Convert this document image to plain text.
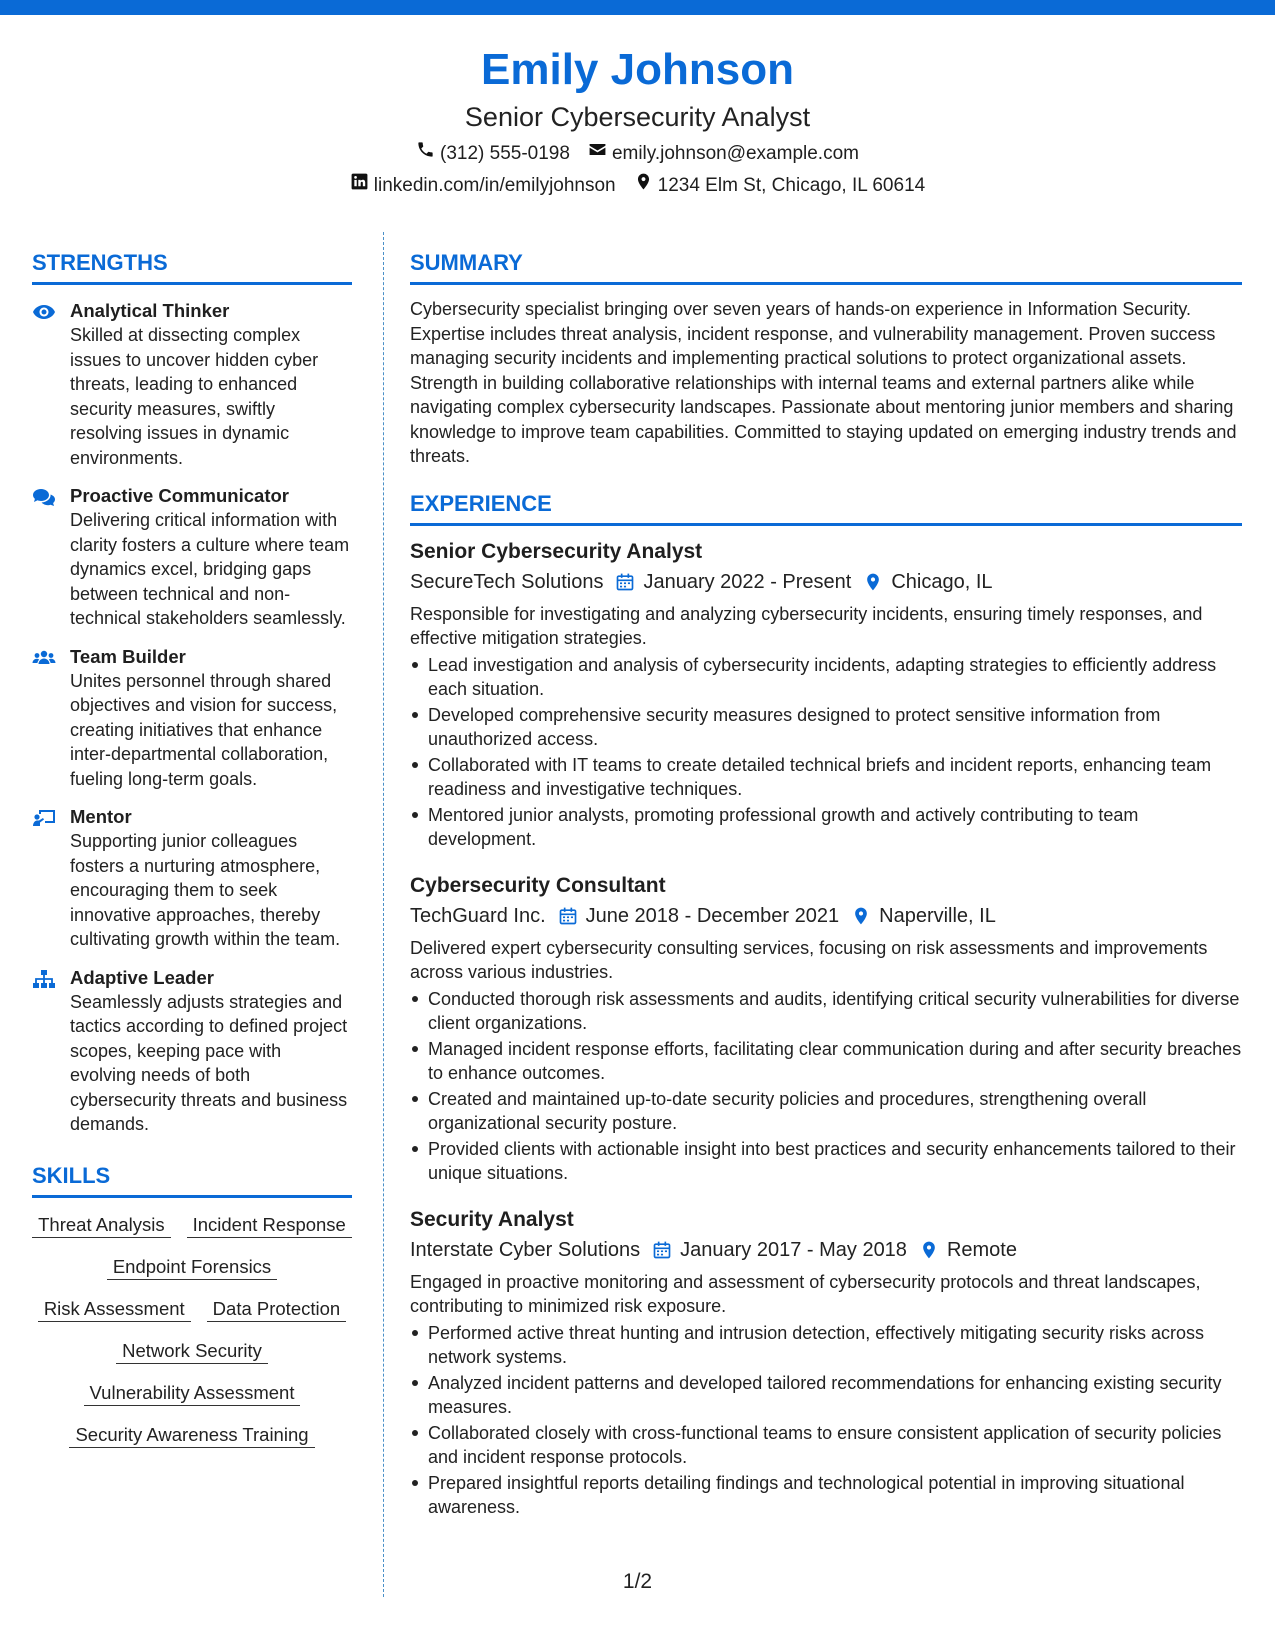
Emily Johnson
Senior Cybersecurity Analyst
(312) 555-0198 emily.johnson@example.com
linkedin.com/in/emilyjohnson 1234 Elm St, Chicago, IL 60614
STRENGTHS
Analytical Thinker
Skilled at dissecting complex issues to uncover hidden cyber threats, leading to enhanced security measures, swiftly resolving issues in dynamic environments.
Proactive Communicator
Delivering critical information with clarity fosters a culture where team dynamics excel, bridging gaps between technical and non-technical stakeholders seamlessly.
Team Builder
Unites personnel through shared objectives and vision for success, creating initiatives that enhance inter-departmental collaboration, fueling long-term goals.
Mentor
Supporting junior colleagues fosters a nurturing atmosphere, encouraging them to seek innovative approaches, thereby cultivating growth within the team.
Adaptive Leader
Seamlessly adjusts strategies and tactics according to defined project scopes, keeping pace with evolving needs of both cybersecurity threats and business demands.
SKILLS
Threat Analysis	Incident Response
Endpoint Forensics
Risk Assessment	Data Protection
Network Security
Vulnerability Assessment
Security Awareness Training
SUMMARY
Cybersecurity specialist bringing over seven years of hands-on experience in Information Security. Expertise includes threat analysis, incident response, and vulnerability management. Proven success managing security incidents and implementing practical solutions to protect organizational assets. Strength in building collaborative relationships with internal teams and external partners alike while navigating complex cybersecurity landscapes. Passionate about mentoring junior members and sharing knowledge to improve team capabilities. Committed to staying updated on emerging industry trends and threats.
EXPERIENCE
Senior Cybersecurity Analyst
SecureTech Solutions January 2022 - Present Chicago, IL
Responsible for investigating and analyzing cybersecurity incidents, ensuring timely responses, and effective mitigation strategies.
Lead investigation and analysis of cybersecurity incidents, adapting strategies to efficiently address each situation.
Developed comprehensive security measures designed to protect sensitive information from unauthorized access.
Collaborated with IT teams to create detailed technical briefs and incident reports, enhancing team readiness and investigative techniques.
Mentored junior analysts, promoting professional growth and actively contributing to team development.
Cybersecurity Consultant
TechGuard Inc. June 2018 - December 2021 Naperville, IL
Delivered expert cybersecurity consulting services, focusing on risk assessments and improvements across various industries.
Conducted thorough risk assessments and audits, identifying critical security vulnerabilities for diverse client organizations.
Managed incident response efforts, facilitating clear communication during and after security breaches to enhance outcomes.
Created and maintained up-to-date security policies and procedures, strengthening overall organizational security posture.
Provided clients with actionable insight into best practices and security enhancements tailored to their unique situations.
Security Analyst
Interstate Cyber Solutions January 2017 - May 2018 Remote
Engaged in proactive monitoring and assessment of cybersecurity protocols and threat landscapes, contributing to minimized risk exposure.
Performed active threat hunting and intrusion detection, effectively mitigating security risks across network systems.
Analyzed incident patterns and developed tailored recommendations for enhancing existing security measures.
Collaborated closely with cross-functional teams to ensure consistent application of security policies and incident response protocols.
Prepared insightful reports detailing findings and technological potential in improving situational awareness.
1/2
